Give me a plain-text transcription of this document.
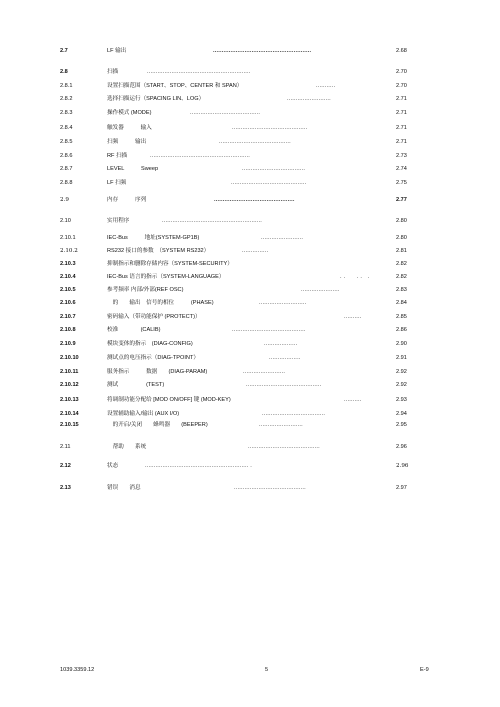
2.7	LF 输出	........................................................	2.68
2.8	扫描	...........................................................	2.70
2.8.1	设置扫描范围（START、STOP、CENTER 和 SPAN）	...........	2.70
2.8.2	选择扫描运行（SPACING LIN、LOG）	.........................	2.71
2.8.3	操作模式 (MODE)	........................................	2.71
2.8.4	触发器　　　输入	...........................................	2.71
2.8.5	扫频　　　输出	.........................................	2.71
2.8.6	RF 扫描	.........................................................	2.73
2.8.7	LEVEL　　　Sweep	....................................	2.74
2.8.8	LF 扫频	...........................................	2.75
2.9	内存　　　序列	..............................................	2.77
2.10	实用程序	.........................................................	2.80
2.10.1	IEC-Bus　　　地址(SYSTEM-GP1B)	........................	2.80
2.10.2	RS232 接口的参数　（SYSTEM RS232）	...............	2.81
2.10.3	抑制指示和删除存储内容（SYSTEM-SECURITY）	2.82
2.10.4	IEC-Bus 语言的指示（SYSTEM-LANGUAGE）	. .　　. .　.	2.82
2.10.5	参考频率 内部/外部(REF OSC)	......................	2.83
2.10.6	　的　　输出　信号的相位　　　(PHASE)	...........................	2.84
2.10.7	密码输入（带功能保护 (PROTECT)）	..........	2.85
2.10.8	校准　　　　(CALIB)	..........................................	2.86
2.10.9	模块变体的指示　(DIAG-CONFIG)	...................	2.90
2.10.10	测试点的电压指示（DIAG-TPOINT）	..................	2.91
2.10.11	服务指示　　　数据　　(DIAG-PARAM)	........................	2.92
2.10.12	测试　　　　　(TEST)	...........................................	2.92
2.10.13	将调制功能分配给 [MOD ON/OFF] 键 (MOD-KEY)	..........	2.93
2.10.14	设置辅助输入/输出 (AUX I/O)	....................................	2.94
2.10.15	　的开启/关闭　　蜂鸣器　　(BEEPER)	.........................	2.95
2.11	　帮助　　系统	.........................................	2.96
2.12	状态	........................................................... .	2.96
2.13	错误　　消息	.........................................	2.97
1039.3359.12	5	E-9
